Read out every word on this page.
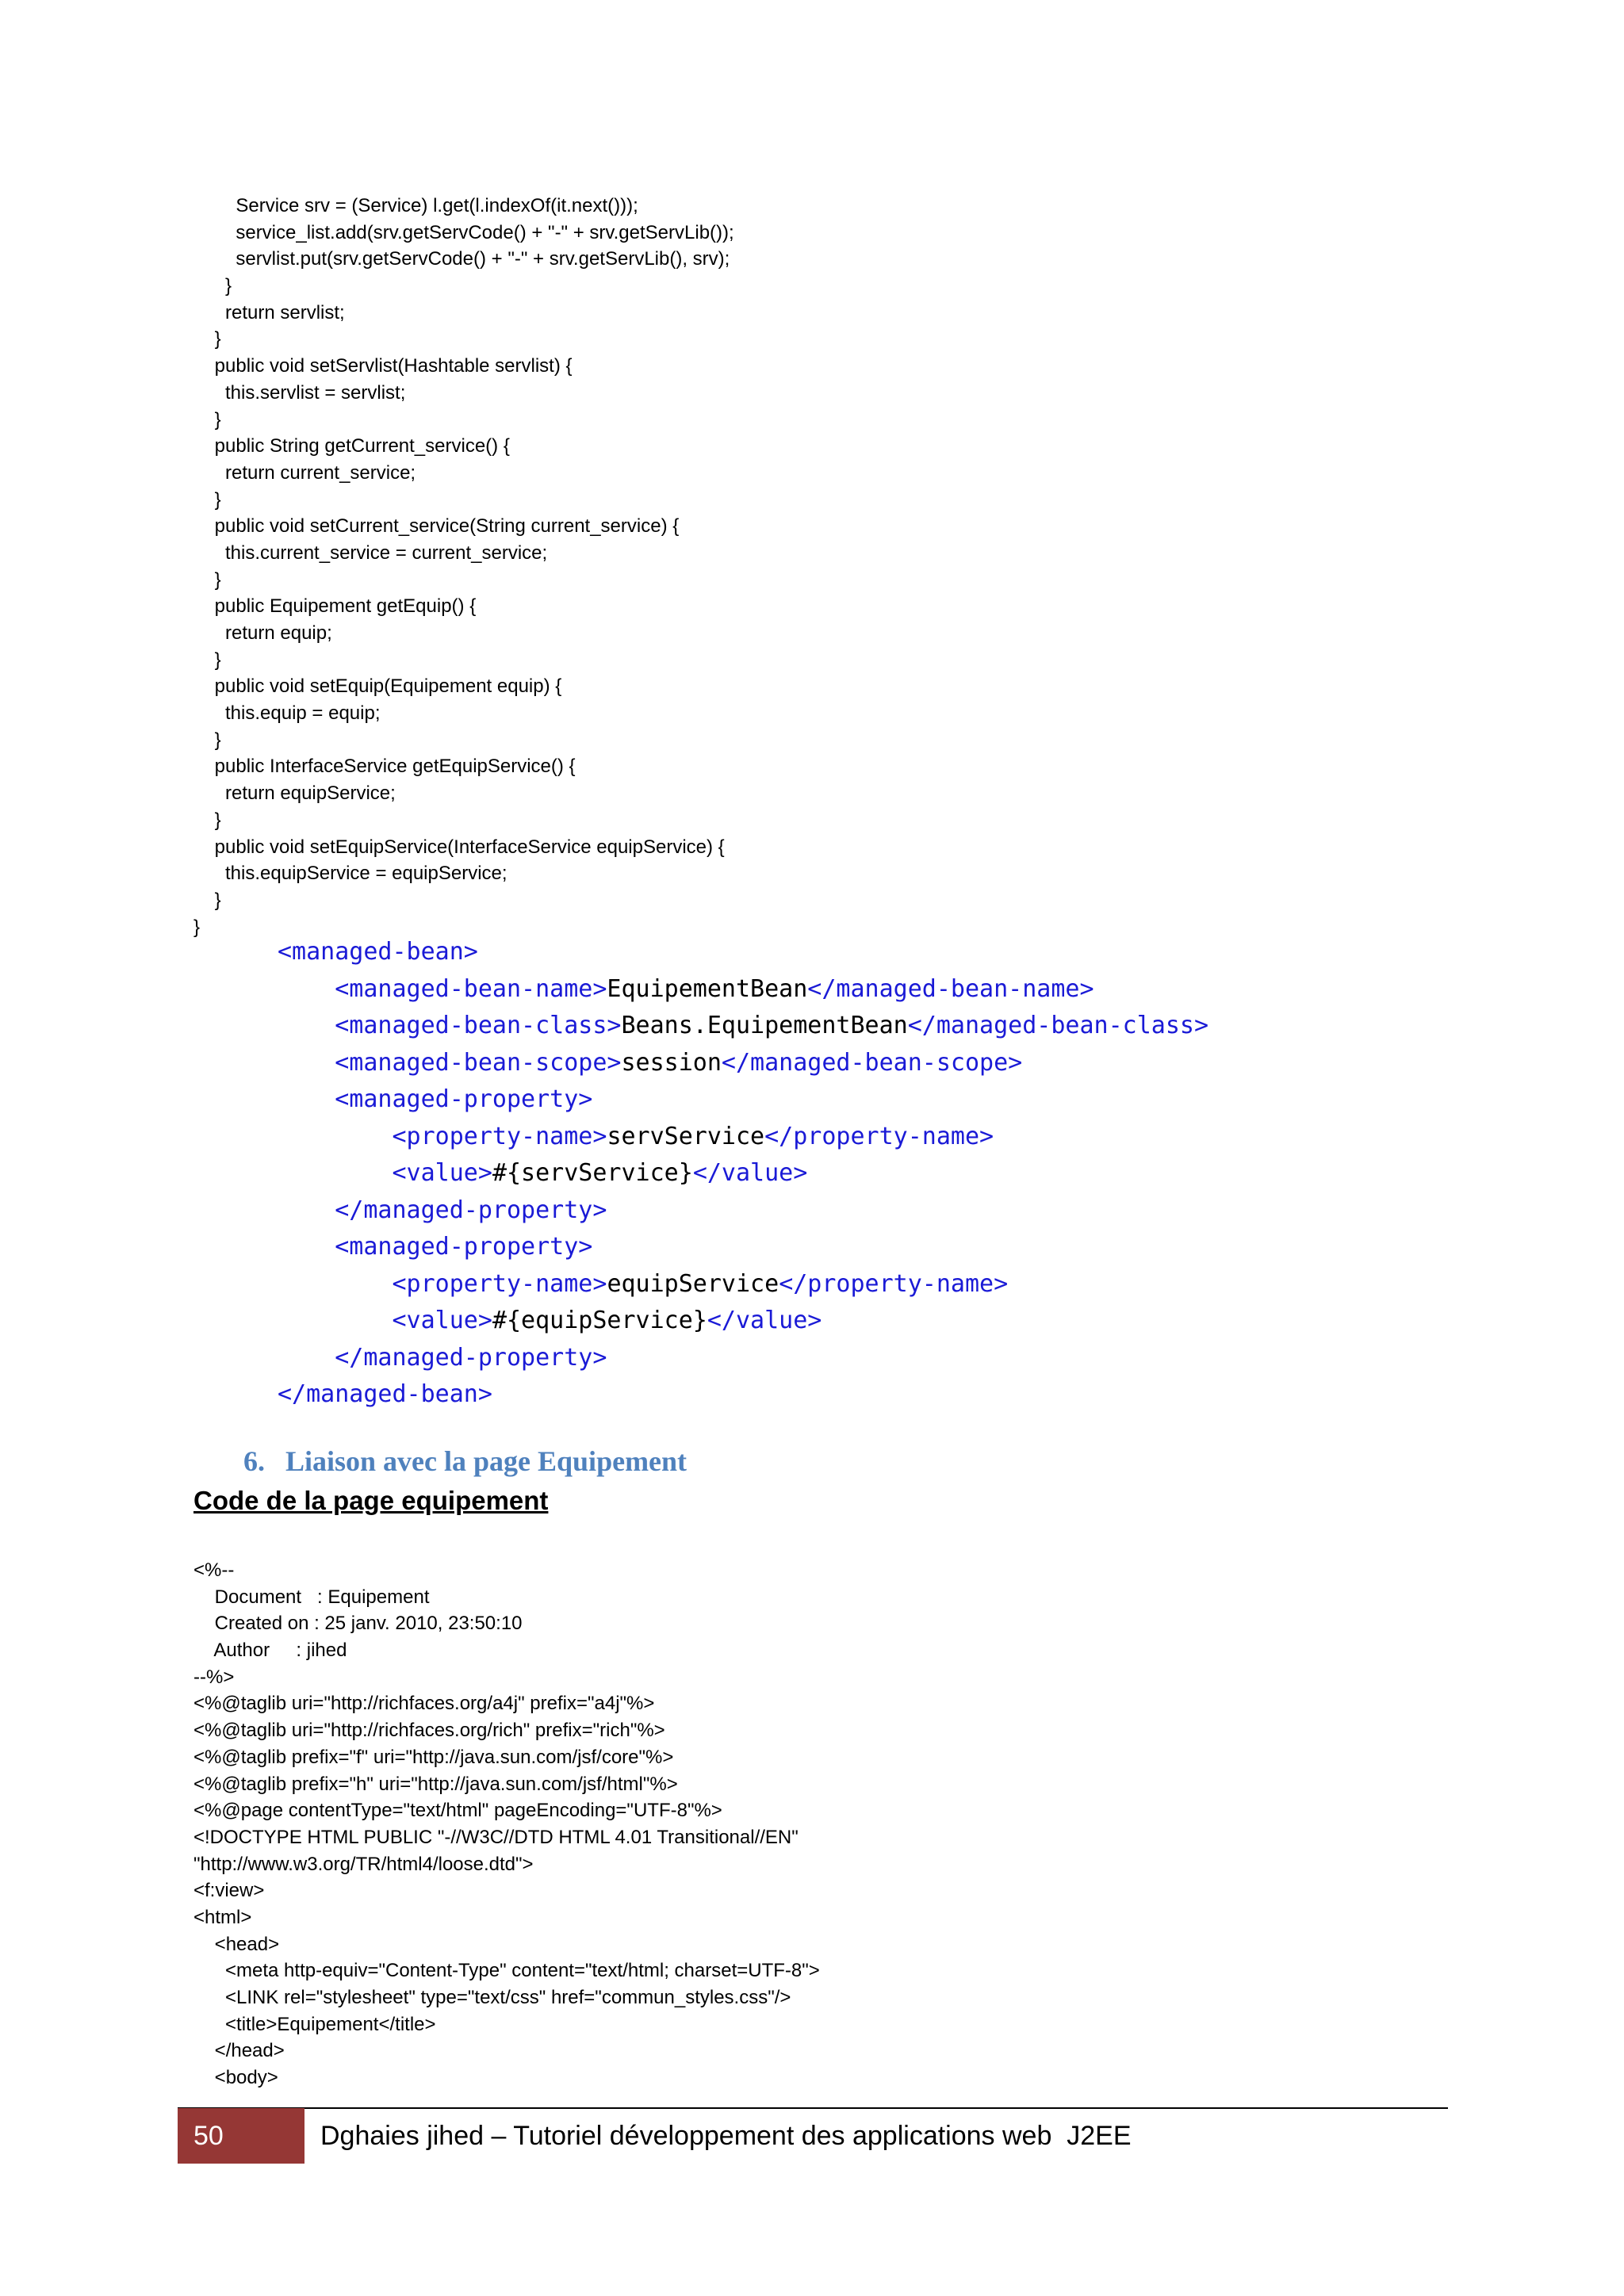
Service srv = (Service) l.get(l.indexOf(it.next()));
service_list.add(srv.getServCode() + "-" + srv.getServLib());
servlist.put(srv.getServCode() + "-" + srv.getServLib(), srv);
}
return servlist;
}
public void setServlist(Hashtable servlist) {
this.servlist = servlist;
}
public String getCurrent_service() {
return current_service;
}
public void setCurrent_service(String current_service) {
this.current_service = current_service;
}
public Equipement getEquip() {
return equip;
}
public void setEquip(Equipement equip) {
this.equip = equip;
}
public InterfaceService getEquipService() {
return equipService;
}
public void setEquipService(InterfaceService equipService) {
this.equipService = equipService;
}
}
<managed-bean>
<managed-bean-name>EquipementBean</managed-bean-name>
<managed-bean-class>Beans.EquipementBean</managed-bean-class>
<managed-bean-scope>session</managed-bean-scope>
<managed-property>
<property-name>servService</property-name>
<value>#{servService}</value>
</managed-property>
<managed-property>
<property-name>equipService</property-name>
<value>#{equipService}</value>
</managed-property>
</managed-bean>
6. Liaison avec la page Equipement
Code de la page equipement
<%--
Document   : Equipement
Created on : 25 janv. 2010, 23:50:10
Author     : jihed
--%>
<%@taglib uri="http://richfaces.org/a4j" prefix="a4j"%>
<%@taglib uri="http://richfaces.org/rich" prefix="rich"%>
<%@taglib prefix="f" uri="http://java.sun.com/jsf/core"%>
<%@taglib prefix="h" uri="http://java.sun.com/jsf/html"%>
<%@page contentType="text/html" pageEncoding="UTF-8"%>
<!DOCTYPE HTML PUBLIC "-//W3C//DTD HTML 4.01 Transitional//EN"
"http://www.w3.org/TR/html4/loose.dtd">
<f:view>
<html>
<head>
<meta http-equiv="Content-Type" content="text/html; charset=UTF-8">
<LINK rel="stylesheet" type="text/css" href="commun_styles.css"/>
<title>Equipement</title>
</head>
<body>
50	Dghaies jihed – Tutoriel développement des applications web  J2EE
